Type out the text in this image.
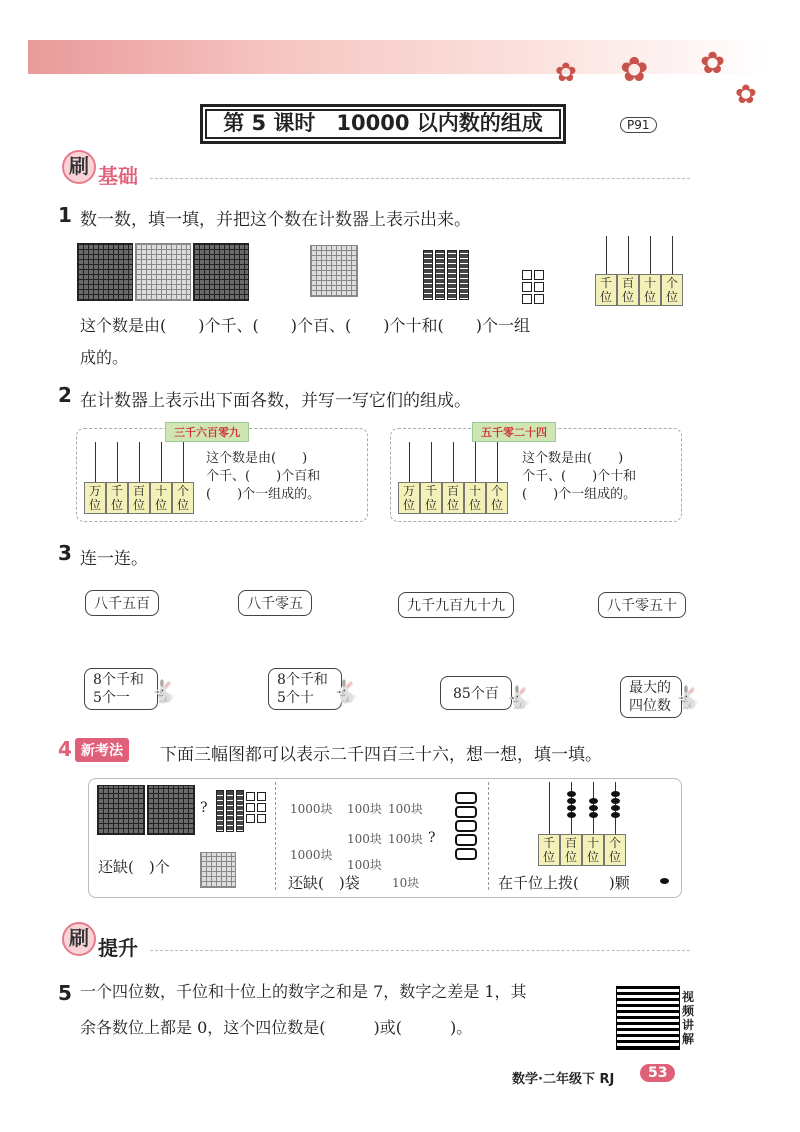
✿ ✿ ✿
✿
第 5 课时　10000 以内数的组成	P91
刷 基础
1 数一数，填一填，并把这个数在计数器上表示出来。
千
位
百
位
十
位
个
位
这个数是由(　　)个千、(　　)个百、(　　)个十和(　　)个一组
成的。
2 在计数器上表示出下面各数，并写一写它们的组成。
三千六百零九
万
位
千
位
百
位
十
位
个
位
这个数是由(　　)
个千、(　　)个百和
(　　)个一组成的。
五千零二十四
万
位
千
位
百
位
十
位
个
位
这个数是由(　　)
个千、(　　)个十和
(　　)个一组成的。
3 连一连。
八千五百	八千零五	九千九百九十九	八千零五十
8个千和5个一 🐇	8个千和5个十 🐇	85个百 🐇	最大的四位数 🐇
4 新考法	下面三幅图都可以表示二千四百三十六，想一想，填一填。
?
还缺(　)个
1000块 100块 100块
100块 100块
1000块
100块
?
还缺(　)袋	10块
千
位
百
位
十
位
个
位
在千位上拨(　　)颗
刷 提升
5 一个四位数，千位和十位上的数字之和是 7，数字之差是 1，其
余各数位上都是 0，这个四位数是(　　　)或(　　　)。
视频讲解
数学·二年级下 RJ	53
